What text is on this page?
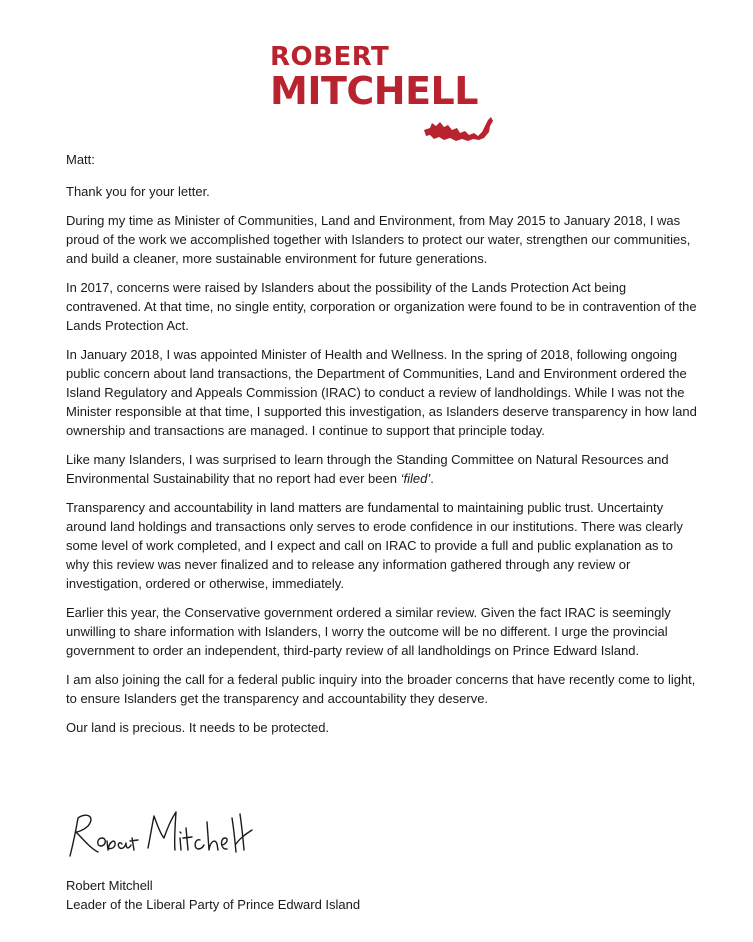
ROBERT

MITCHELL

Matt:

Thank you for your letter.

During my time as Minister of Communities, Land and Environment, from May 2015 to January 2018, I was proud of the work we accomplished together with Islanders to protect our water, strengthen our communities, and build a cleaner, more sustainable environment for future generations.

In 2017, concerns were raised by Islanders about the possibility of the Lands Protection Act being contravened. At that time, no single entity, corporation or organization were found to be in contravention of the Lands Protection Act.

In January 2018, I was appointed Minister of Health and Wellness. In the spring of 2018, following ongoing public concern about land transactions, the Department of Communities, Land and Environment ordered the Island Regulatory and Appeals Commission (IRAC) to conduct a review of landholdings. While I was not the Minister responsible at that time, I supported this investigation, as Islanders deserve transparency in how land ownership and transactions are managed. I continue to support that principle today.

Like many Islanders, I was surprised to learn through the Standing Committee on Natural Resources and Environmental Sustainability that no report had ever been ‘filed’.

Transparency and accountability in land matters are fundamental to maintaining public trust. Uncertainty around land holdings and transactions only serves to erode confidence in our institutions. There was clearly some level of work completed, and I expect and call on IRAC to provide a full and public explanation as to why this review was never finalized and to release any information gathered through any review or investigation, ordered or otherwise, immediately.

Earlier this year, the Conservative government ordered a similar review. Given the fact IRAC is seemingly unwilling to share information with Islanders, I worry the outcome will be no different. I urge the provincial government to order an independent, third-party review of all landholdings on Prince Edward Island.

I am also joining the call for a federal public inquiry into the broader concerns that have recently come to light, to ensure Islanders get the transparency and accountability they deserve.

Our land is precious. It needs to be protected.

Robert Mitchell

Leader of the Liberal Party of Prince Edward Island
